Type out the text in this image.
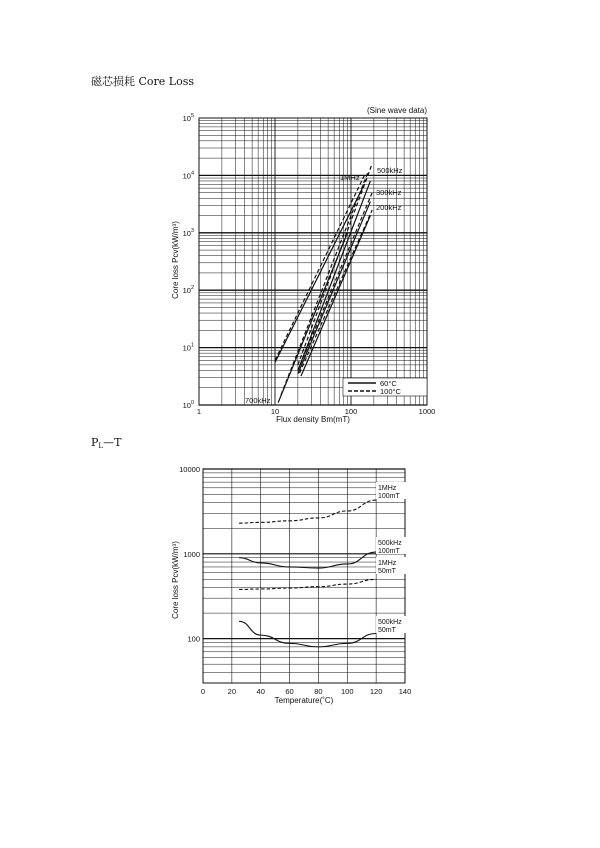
磁芯损耗 Core Loss
$P_L—T$
1	10	100	1000
$10^0$
$10^1$
$10^2$
$10^3$
$10^4$
$10^5$
(Sine wave data)
Flux density Bm(mT)
Core loss Pcv(kW/m³)
60°C
100°C
1MHz
500kHz
300kHz
200kHz
700kHz
0	20	40	60	80 100 120 140
10000
1000
100
Temperature(˚C)
Core loss Pcv(kW/m³)
1MHz
100mT
500kHz
100mT
1MHz
50mT
500kHz
50mT
